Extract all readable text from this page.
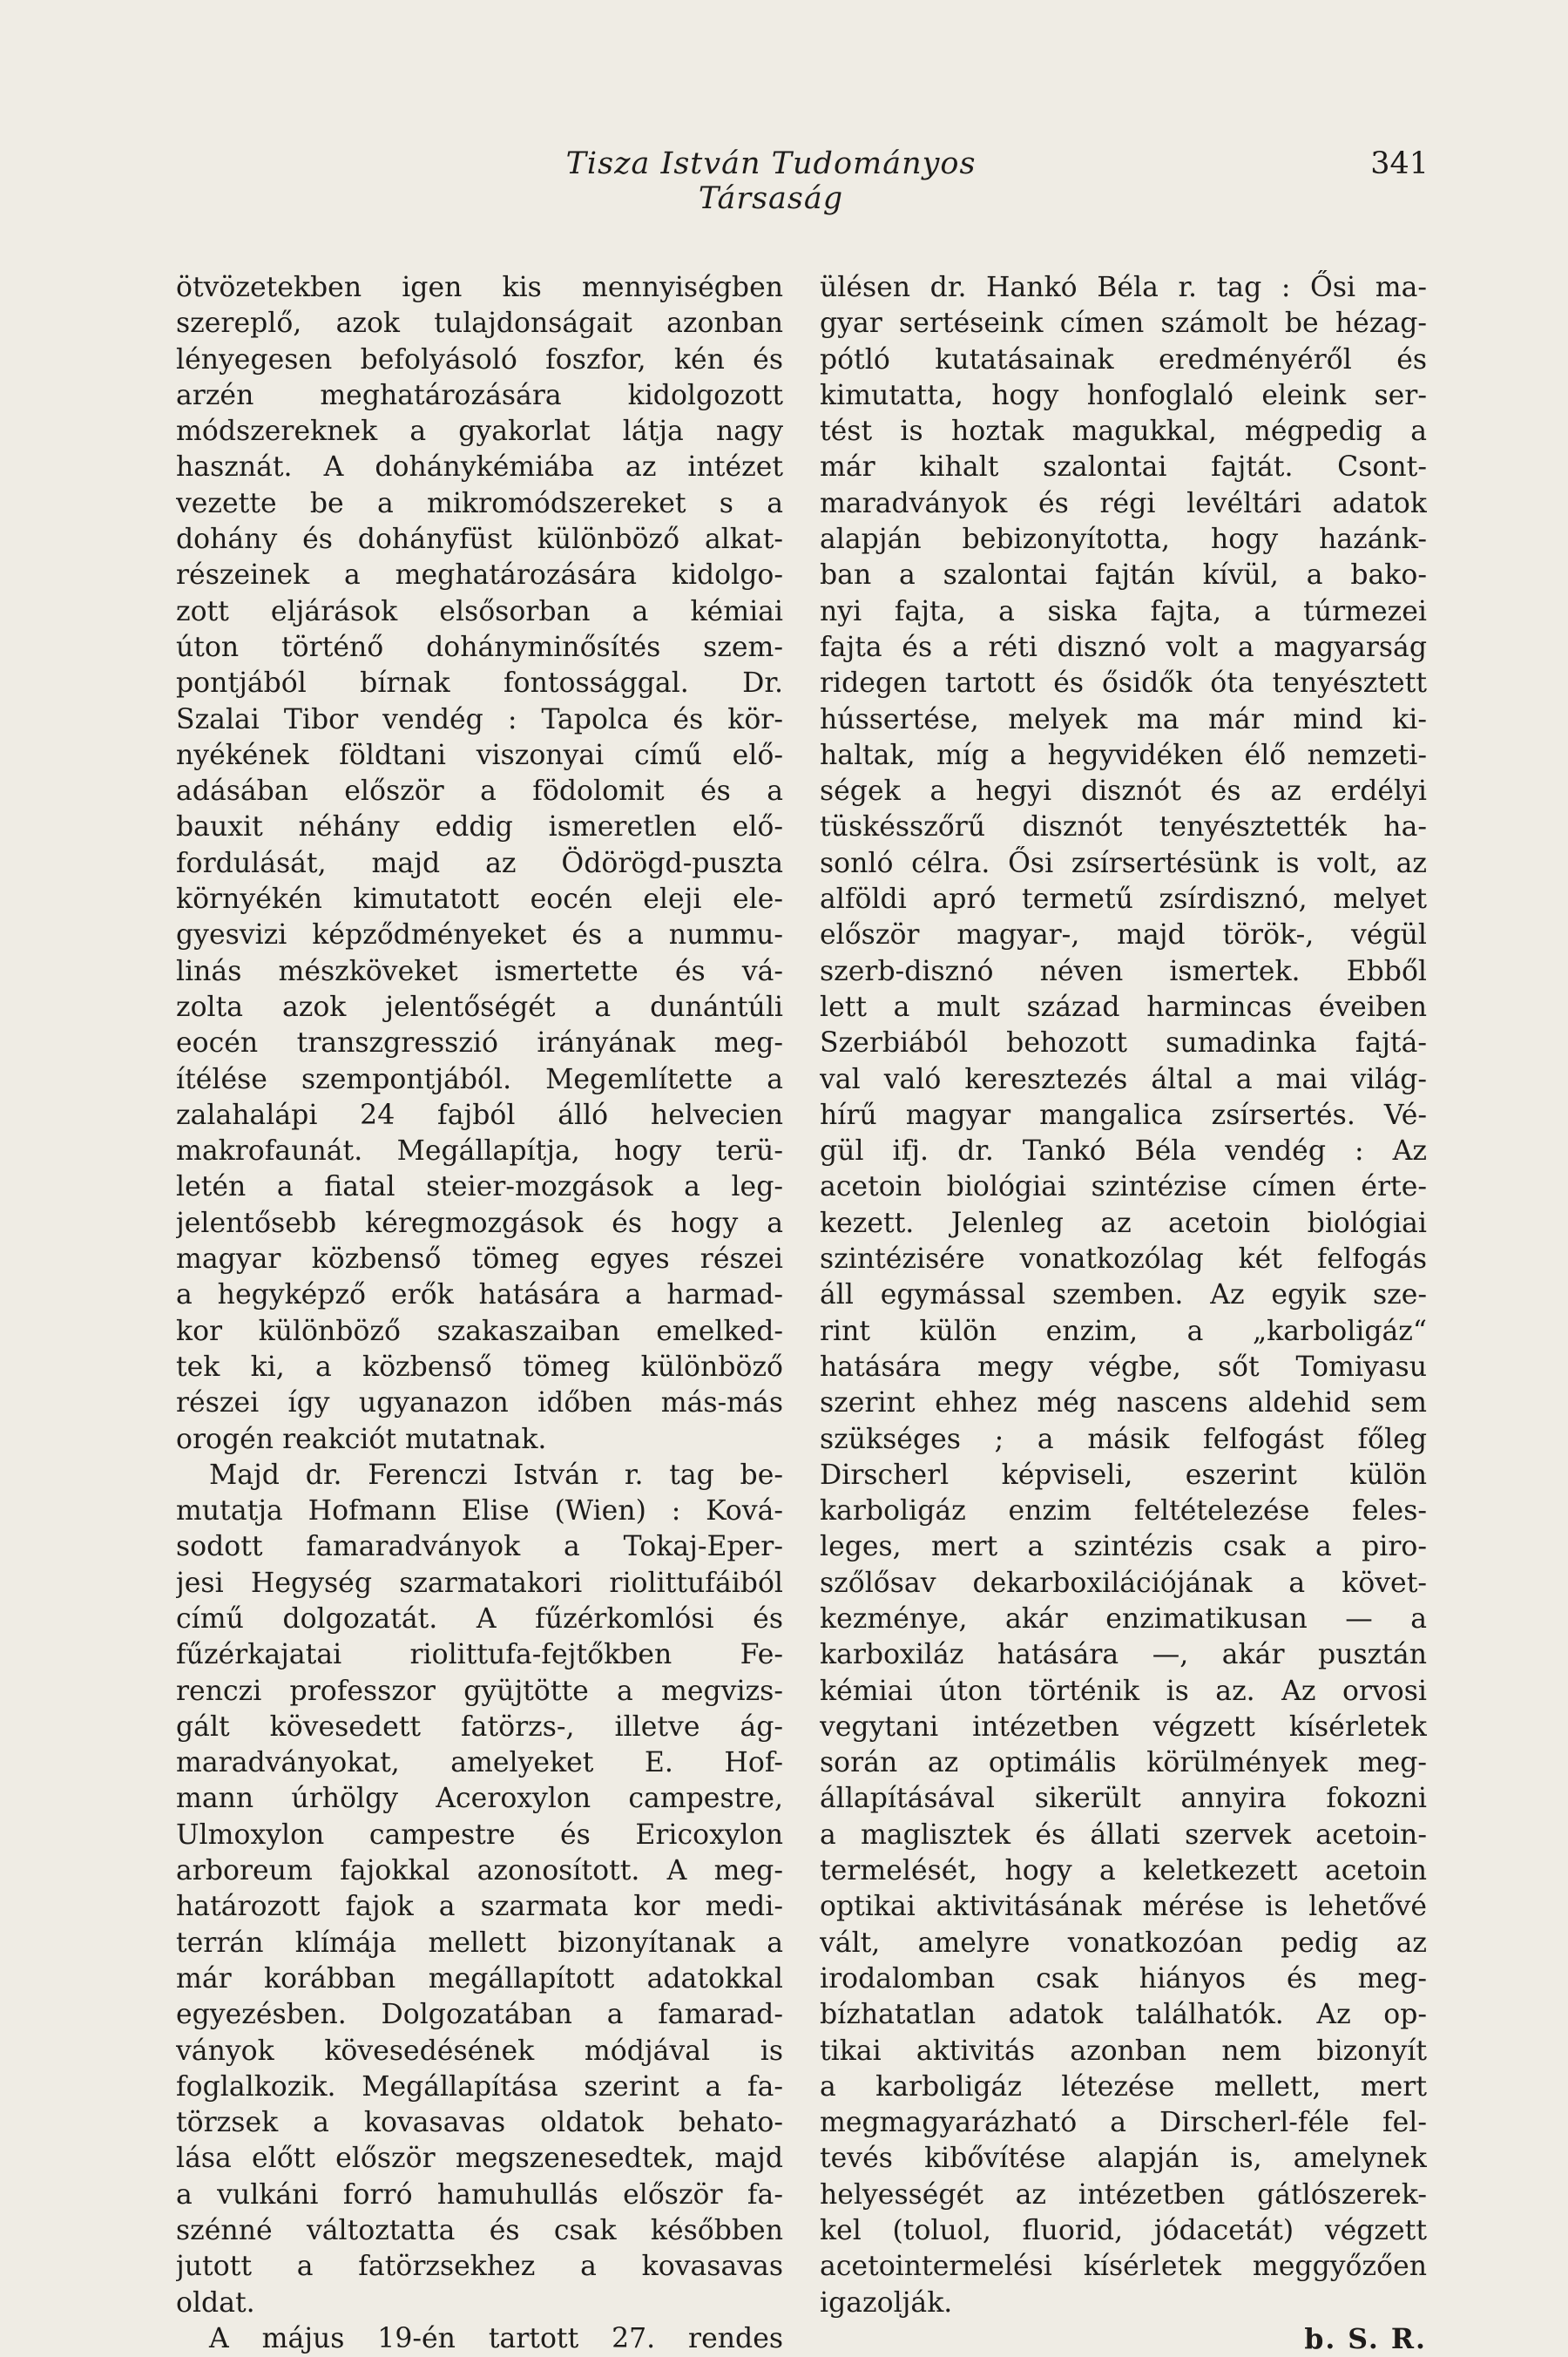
Tisza István Tudományos Társaság
341

ötvözetekben igen kis mennyiségben

szereplő, azok tulajdonságait azonban

lényegesen befolyásoló foszfor, kén és

arzén meghatározására kidolgozott

módszereknek a gyakorlat látja nagy

hasznát. A dohánykémiába az intézet

vezette be a mikromódszereket s a

dohány és dohányfüst különböző alkat-

részeinek a meghatározására kidolgo-

zott eljárások elsősorban a kémiai

úton történő dohányminősítés szem-

pontjából bírnak fontossággal. Dr.

Szalai Tibor vendég : Tapolca és kör-

nyékének földtani viszonyai című elő-

adásában először a födolomit és a

bauxit néhány eddig ismeretlen elő-

fordulását, majd az Ödörögd-puszta

környékén kimutatott eocén eleji ele-

gyesvizi képződményeket és a nummu-

linás mészköveket ismertette és vá-

zolta azok jelentőségét a dunántúli

eocén transzgresszió irányának meg-

ítélése szempontjából. Megemlítette a

zalahalápi 24 fajból álló helvecien

makrofaunát. Megállapítja, hogy terü-

letén a fiatal steier-mozgások a leg-

jelentősebb kéregmozgások és hogy a

magyar közbenső tömeg egyes részei

a hegyképző erők hatására a harmad-

kor különböző szakaszaiban emelked-

tek ki, a közbenső tömeg különböző

részei így ugyanazon időben más-más

orogén reakciót mutatnak.

Majd dr. Ferenczi István r. tag be-

mutatja Hofmann Elise (Wien) : Ková-

sodott famaradványok a Tokaj-Eper-

jesi Hegység szarmatakori riolittufáiból

című dolgozatát. A fűzérkomlósi és

fűzérkajatai riolittufa-fejtőkben Fe-

renczi professzor gyüjtötte a megvizs-

gált kövesedett fatörzs-, illetve ág-

maradványokat, amelyeket E. Hof-

mann úrhölgy Aceroxylon campestre,

Ulmoxylon campestre és Ericoxylon

arboreum fajokkal azonosított. A meg-

határozott fajok a szarmata kor medi-

terrán klímája mellett bizonyítanak a

már korábban megállapított adatokkal

egyezésben. Dolgozatában a famarad-

ványok kövesedésének módjával is

foglalkozik. Megállapítása szerint a fa-

törzsek a kovasavas oldatok behato-

lása előtt először megszenesedtek, majd

a vulkáni forró hamuhullás először fa-

szénné változtatta és csak későbben

jutott a fatörzsekhez a kovasavas

oldat.

A május 19-én tartott 27. rendes

ülésen dr. Hankó Béla r. tag : Ősi ma-

gyar sertéseink címen számolt be hézag-

pótló kutatásainak eredményéről és

kimutatta, hogy honfoglaló eleink ser-

tést is hoztak magukkal, mégpedig a

már kihalt szalontai fajtát. Csont-

maradványok és régi levéltári adatok

alapján bebizonyította, hogy hazánk-

ban a szalontai fajtán kívül, a bako-

nyi fajta, a siska fajta, a túrmezei

fajta és a réti disznó volt a magyarság

ridegen tartott és ősidők óta tenyésztett

hússertése, melyek ma már mind ki-

haltak, míg a hegyvidéken élő nemzeti-

ségek a hegyi disznót és az erdélyi

tüskésszőrű disznót tenyésztették ha-

sonló célra. Ősi zsírsertésünk is volt, az

alföldi apró termetű zsírdisznó, melyet

először magyar-, majd török-, végül

szerb-disznó néven ismertek. Ebből

lett a mult század harmincas éveiben

Szerbiából behozott sumadinka fajtá-

val való keresztezés által a mai világ-

hírű magyar mangalica zsírsertés. Vé-

gül ifj. dr. Tankó Béla vendég : Az

acetoin biológiai szintézise címen érte-

kezett. Jelenleg az acetoin biológiai

szintézisére vonatkozólag két felfogás

áll egymással szemben. Az egyik sze-

rint külön enzim, a „karboligáz“

hatására megy végbe, sőt Tomiyasu

szerint ehhez még nascens aldehid sem

szükséges ; a másik felfogást főleg

Dirscherl képviseli, eszerint külön

karboligáz enzim feltételezése feles-

leges, mert a szintézis csak a piro-

szőlősav dekarboxilációjának a követ-

kezménye, akár enzimatikusan — a

karboxiláz hatására —, akár pusztán

kémiai úton történik is az. Az orvosi

vegytani intézetben végzett kísérletek

során az optimális körülmények meg-

állapításával sikerült annyira fokozni

a maglisztek és állati szervek acetoin-

termelését, hogy a keletkezett acetoin

optikai aktivitásának mérése is lehetővé

vált, amelyre vonatkozóan pedig az

irodalomban csak hiányos és meg-

bízhatatlan adatok találhatók. Az op-

tikai aktivitás azonban nem bizonyít

a karboligáz létezése mellett, mert

megmagyarázható a Dirscherl-féle fel-

tevés kibővítése alapján is, amelynek

helyességét az intézetben gátlószerek-

kel (toluol, fluorid, jódacetát) végzett

acetointermelési kísérletek meggyőzően

igazolják.

b. S. R.
